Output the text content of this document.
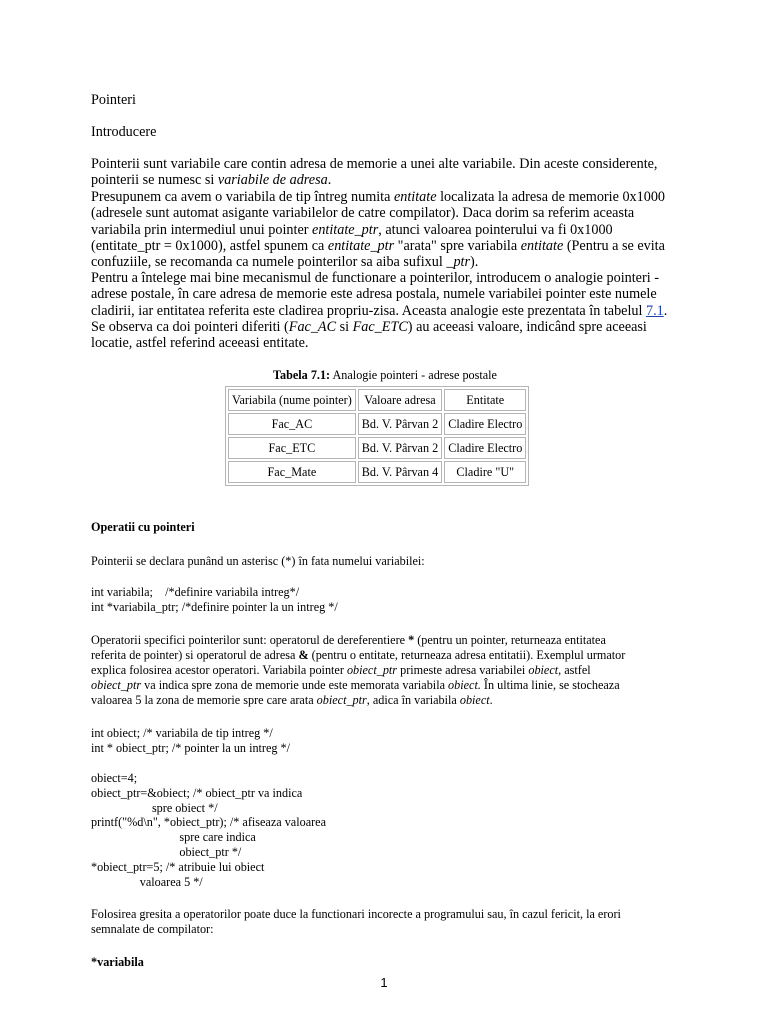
Pointeri

Introducere

Pointerii sunt variabile care contin adresa de memorie a unei alte variabile. Din aceste considerente,
pointerii se numesc si variabile de adresa.

Presupunem ca avem o variabila de tip întreg numita entitate localizata la adresa de memorie 0x1000
(adresele sunt automat asigante variabilelor de catre compilator). Daca dorim sa referim aceasta
variabila prin intermediul unui pointer entitate_ptr, atunci valoarea pointerului va fi 0x1000
(entitate_ptr = 0x1000), astfel spunem ca entitate_ptr "arata" spre variabila entitate (Pentru a se evita
confuziile, se recomanda ca numele pointerilor sa aiba sufixul _ptr).

Pentru a întelege mai bine mecanismul de functionare a pointerilor, introducem o analogie pointeri -
adrese postale, în care adresa de memorie este adresa postala, numele variabilei pointer este numele
cladirii, iar entitatea referita este cladirea propriu-zisa. Aceasta analogie este prezentata în tabelul 7.1.
Se observa ca doi pointeri diferiti (Fac_AC si Fac_ETC) au aceeasi valoare, indicând spre aceeasi
locatie, astfel referind aceeasi entitate.

Tabela 7.1: Analogie pointeri - adrese postale
Variabila (nume pointer)	Valoare adresa	Entitate
Fac_AC	Bd. V. Pârvan 2	Cladire Electro
Fac_ETC	Bd. V. Pârvan 2	Cladire Electro
Fac_Mate	Bd. V. Pârvan 4	Cladire "U"

Operatii cu pointeri

Pointerii se declara punând un asterisc (*) în fata numelui variabilei:

int variabila;    /*definire variabila intreg*/
int *variabila_ptr; /*definire pointer la un intreg */

Operatorii specifici pointerilor sunt: operatorul de dereferentiere * (pentru un pointer, returneaza entitatea
referita de pointer) si operatorul de adresa & (pentru o entitate, returneaza adresa entitatii). Exemplul urmator
explica folosirea acestor operatori. Variabila pointer obiect_ptr primeste adresa variabilei obiect, astfel
obiect_ptr va indica spre zona de memorie unde este memorata variabila obiect. În ultima linie, se stocheaza
valoarea 5 la zona de memorie spre care arata obiect_ptr, adica în variabila obiect.

int obiect; /* variabila de tip intreg */
int * obiect_ptr; /* pointer la un intreg */
obiect=4;
obiect_ptr=&obiect; /* obiect_ptr va indica
spre obiect */
printf("%d\n", *obiect_ptr); /* afiseaza valoarea
spre care indica
obiect_ptr */
*obiect_ptr=5; /* atribuie lui obiect
valoarea 5 */

Folosirea gresita a operatorilor poate duce la functionari incorecte a programului sau, în cazul fericit, la erori
semnalate de compilator:

*variabila

1
